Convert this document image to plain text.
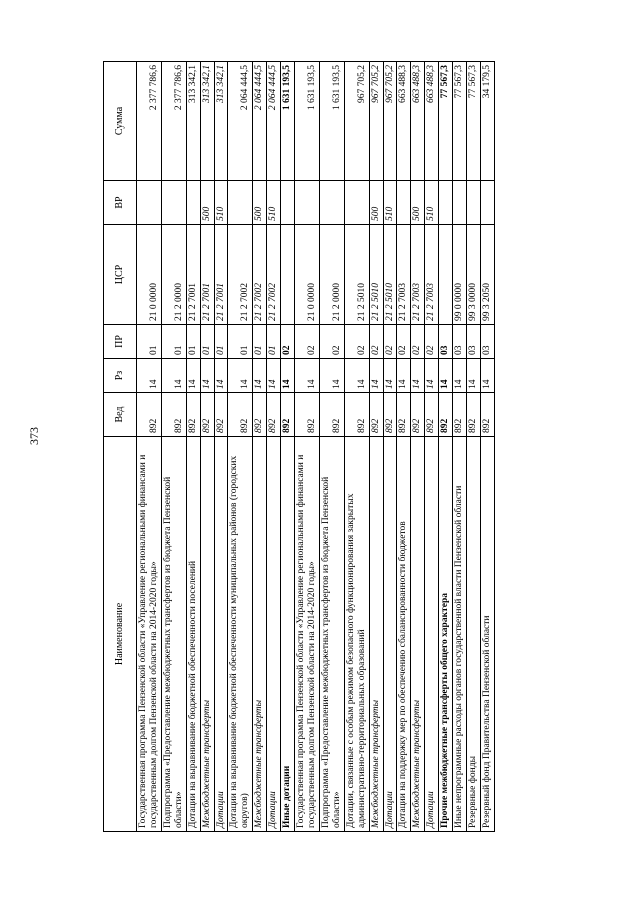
373
Наименование	Вед	Рз	ПР	ЦСР	ВР	Сумма
Государственная программа Пензенской области «Управление региональными финансами и государственным долгом Пензенской области на 2014-2020 годы»	892	14	01	21 0 0000		2 377 786,6
Подпрограмма «Предоставление межбюджетных трансфертов из бюджета Пензенской области»	892	14	01	21 2 0000		2 377 786,6
Дотации на выравнивание бюджетной обеспеченности поселений	892	14	01	21 2 7001		313 342,1
Межбюджетные трансферты	892	14	01	21 2 7001	500	313 342,1
Дотации	892	14	01	21 2 7001	510	313 342,1
Дотации на выравнивание бюджетной обеспеченности муниципальных районов (городских округов)	892	14	01	21 2 7002		2 064 444,5
Межбюджетные трансферты	892	14	01	21 2 7002	500	2 064 444,5
Дотации	892	14	01	21 2 7002	510	2 064 444,5
Иные дотации	892	14	02			1 631 193,5
Государственная программа Пензенской области «Управление региональными финансами и государственным долгом Пензенской области на 2014-2020 годы»	892	14	02	21 0 0000		1 631 193,5
Подпрограмма «Предоставление межбюджетных трансфертов из бюджета Пензенской области»	892	14	02	21 2 0000		1 631 193,5
Дотации, связанные с особым режимом безопасного функционирования закрытых административно-территориальных образований	892	14	02	21 2 5010		967 705,2
Межбюджетные трансферты	892	14	02	21 2 5010	500	967 705,2
Дотации	892	14	02	21 2 5010	510	967 705,2
Дотации на поддержку мер по обеспечению сбалансированности бюджетов	892	14	02	21 2 7003		663 488,3
Межбюджетные трансферты	892	14	02	21 2 7003	500	663 488,3
Дотации	892	14	02	21 2 7003	510	663 488,3
Прочие межбюджетные трансферты общего характера	892	14	03			77 567,3
Иные непрограммные расходы органов государственной власти Пензенской области	892	14	03	99 0 0000		77 567,3
Резервные фонды	892	14	03	99 3 0000		77 567,3
Резервный фонд Правительства Пензенской области	892	14	03	99 3 2050		34 179,5
